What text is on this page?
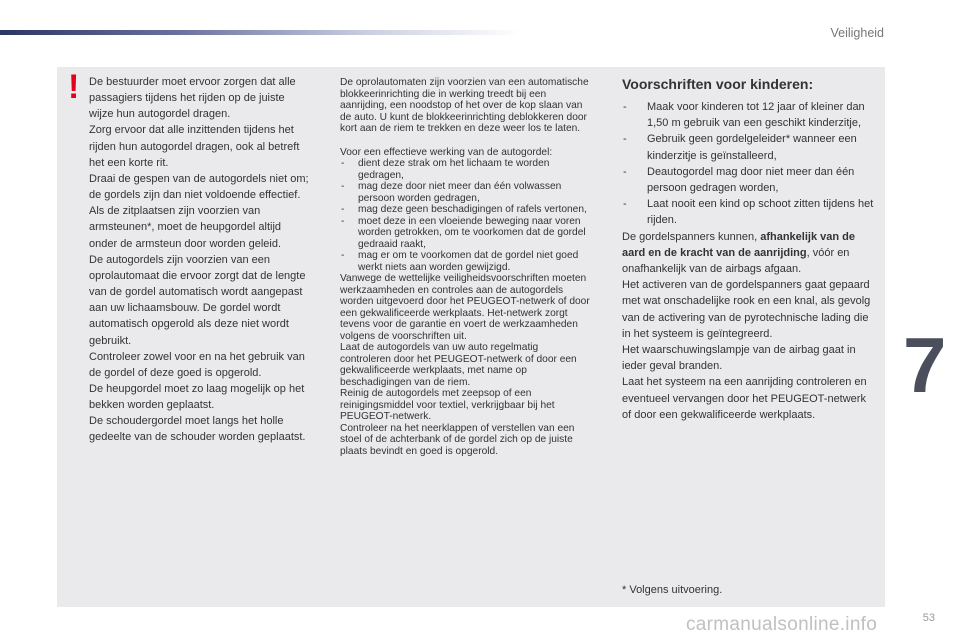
Veiligheid
7
! De bestuurder moet ervoor zorgen dat alle passagiers tijdens het rijden op de juiste wijze hun autogordel dragen.

Zorg ervoor dat alle inzittenden tijdens het rijden hun autogordel dragen, ook al betreft het een korte rit.

Draai de gespen van de autogordels niet om; de gordels zijn dan niet voldoende effectief.

Als de zitplaatsen zijn voorzien van armsteunen*, moet de heupgordel altijd onder de armsteun door worden geleid.

De autogordels zijn voorzien van een oprolautomaat die ervoor zorgt dat de lengte van de gordel automatisch wordt aangepast aan uw lichaamsbouw. De gordel wordt automatisch opgerold als deze niet wordt gebruikt.

Controleer zowel voor en na het gebruik van de gordel of deze goed is opgerold.

De heupgordel moet zo laag mogelijk op het bekken worden geplaatst.

De schoudergordel moet langs het holle gedeelte van de schouder worden geplaatst.

De oprolautomaten zijn voorzien van een automatische blokkeerinrichting die in werking treedt bij een aanrijding, een noodstop of het over de kop slaan van de auto. U kunt de blokkeerinrichting deblokkeren door kort aan de riem te trekken en deze weer los te laten.

Voor een effectieve werking van de autogordel:

- dient deze strak om het lichaam te worden gedragen,
- mag deze door niet meer dan één volwassen persoon worden gedragen,
- mag deze geen beschadigingen of rafels vertonen,
- moet deze in een vloeiende beweging naar voren worden getrokken, om te voorkomen dat de gordel gedraaid raakt,
- mag er om te voorkomen dat de gordel niet goed werkt niets aan worden gewijzigd.

Vanwege de wettelijke veiligheidsvoorschriften moeten werkzaamheden en controles aan de autogordels worden uitgevoerd door het PEUGEOT-netwerk of door een gekwalificeerde werkplaats. Het-netwerk zorgt tevens voor de garantie en voert de werkzaamheden volgens de voorschriften uit.

Laat de autogordels van uw auto regelmatig controleren door het PEUGEOT-netwerk of door een gekwalificeerde werkplaats, met name op beschadigingen van de riem.

Reinig de autogordels met zeepsop of een reinigingsmiddel voor textiel, verkrijgbaar bij het PEUGEOT-netwerk.

Controleer na het neerklappen of verstellen van een stoel of de achterbank of de gordel zich op de juiste plaats bevindt en goed is opgerold.

Voorschriften voor kinderen:
- Maak voor kinderen tot 12 jaar of kleiner dan 1,50 m gebruik van een geschikt kinderzitje,
- Gebruik geen gordelgeleider* wanneer een kinderzitje is geïnstalleerd,
- Deautogordel mag door niet meer dan één persoon gedragen worden,
- Laat nooit een kind op schoot zitten tijdens het rijden.

De gordelspanners kunnen, afhankelijk van de aard en de kracht van de aanrijding, vóór en onafhankelijk van de airbags afgaan.

Het activeren van de gordelspanners gaat gepaard met wat onschadelijke rook en een knal, als gevolg van de activering van de pyrotechnische lading die in het systeem is geïntegreerd.

Het waarschuwingslampje van de airbag gaat in ieder geval branden.

Laat het systeem na een aanrijding controleren en eventueel vervangen door het PEUGEOT-netwerk of door een gekwalificeerde werkplaats.

* Volgens uitvoering.
carmanualsonline.info	53
